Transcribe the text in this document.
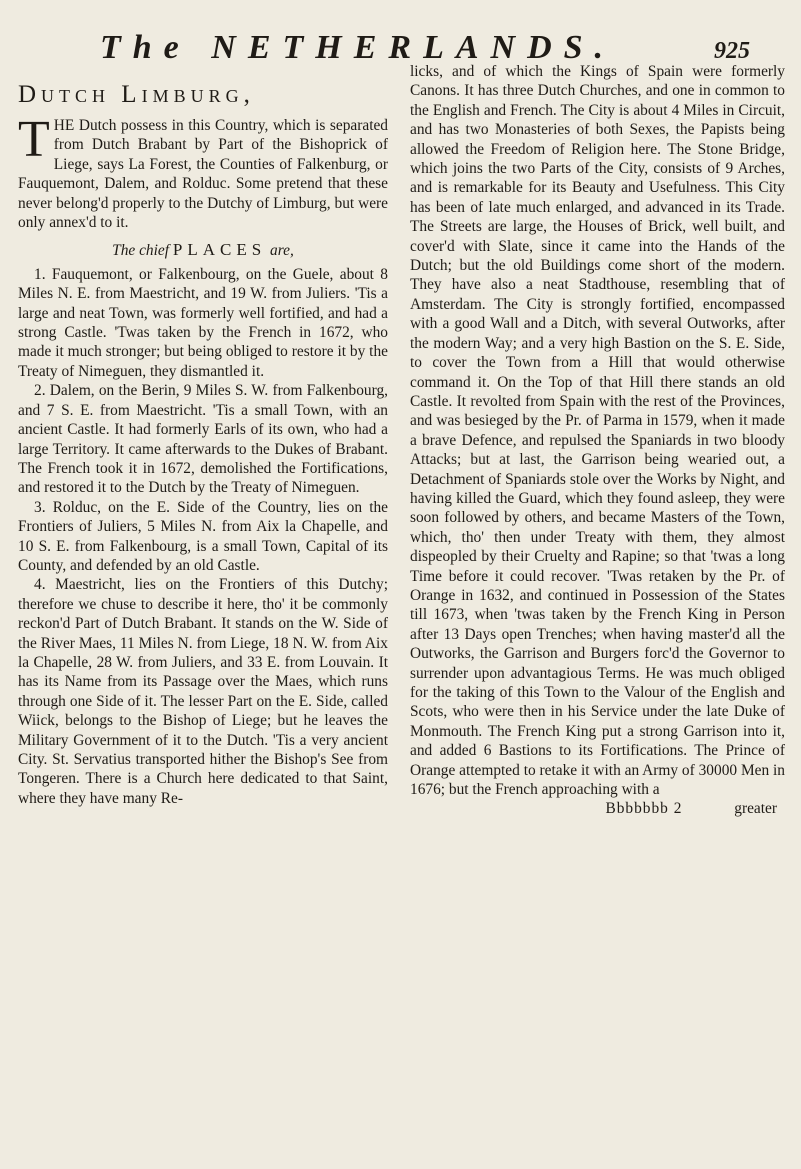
The NETHERLANDS.	925
Dutch Limburg,

T HE Dutch possess in this Country, which is separated from Dutch Brabant by Part of the Bishoprick of Liege, says La Forest, the Counties of Falkenburg, or Fauquemont, Dalem, and Rolduc. Some pretend that these never belong'd properly to the Dutchy of Limburg, but were only annex'd to it.

The chief PLACES are,

1. Fauquemont, or Falkenbourg, on the Guele, about 8 Miles N. E. from Maestricht, and 19 W. from Juliers. 'Tis a large and neat Town, was formerly well fortified, and had a strong Castle. 'Twas taken by the French in 1672, who made it much stronger; but being obliged to restore it by the Treaty of Nimeguen, they dismantled it.

2. Dalem, on the Berin, 9 Miles S. W. from Falkenbourg, and 7 S. E. from Maestricht. 'Tis a small Town, with an ancient Castle. It had formerly Earls of its own, who had a large Territory. It came afterwards to the Dukes of Brabant. The French took it in 1672, demolished the Fortifications, and restored it to the Dutch by the Treaty of Nimeguen.

3. Rolduc, on the E. Side of the Country, lies on the Frontiers of Juliers, 5 Miles N. from Aix la Chapelle, and 10 S. E. from Falkenbourg, is a small Town, Capital of its County, and defended by an old Castle.

4. Maestricht, lies on the Frontiers of this Dutchy; therefore we chuse to describe it here, tho' it be commonly reckon'd Part of Dutch Brabant. It stands on the W. Side of the River Maes, 11 Miles N. from Liege, 18 N. W. from Aix la Chapelle, 28 W. from Juliers, and 33 E. from Louvain. It has its Name from its Passage over the Maes, which runs through one Side of it. The lesser Part on the E. Side, called Wiick, belongs to the Bishop of Liege; but he leaves the Military Government of it to the Dutch. 'Tis a very ancient City. St. Servatius transported hither the Bishop's See from Tongeren. There is a Church here dedicated to that Saint, where they have many Re-

licks, and of which the Kings of Spain were formerly Canons. It has three Dutch Churches, and one in common to the English and French. The City is about 4 Miles in Circuit, and has two Monasteries of both Sexes, the Papists being allowed the Freedom of Religion here. The Stone Bridge, which joins the two Parts of the City, consists of 9 Arches, and is remarkable for its Beauty and Usefulness. This City has been of late much enlarged, and advanced in its Trade. The Streets are large, the Houses of Brick, well built, and cover'd with Slate, since it came into the Hands of the Dutch; but the old Buildings come short of the modern. They have also a neat Stadthouse, resembling that of Amsterdam. The City is strongly fortified, encompassed with a good Wall and a Ditch, with several Outworks, after the modern Way; and a very high Bastion on the S. E. Side, to cover the Town from a Hill that would otherwise command it. On the Top of that Hill there stands an old Castle. It revolted from Spain with the rest of the Provinces, and was besieged by the Pr. of Parma in 1579, when it made a brave Defence, and repulsed the Spaniards in two bloody Attacks; but at last, the Garrison being wearied out, a Detachment of Spaniards stole over the Works by Night, and having killed the Guard, which they found asleep, they were soon followed by others, and became Masters of the Town, which, tho' then under Treaty with them, they almost dispeopled by their Cruelty and Rapine; so that 'twas a long Time before it could recover. 'Twas retaken by the Pr. of Orange in 1632, and continued in Possession of the States till 1673, when 'twas taken by the French King in Person after 13 Days open Trenches; when having master'd all the Outworks, the Garrison and Burgers forc'd the Governor to surrender upon advantagious Terms. He was much obliged for the taking of this Town to the Valour of the English and Scots, who were then in his Service under the late Duke of Monmouth. The French King put a strong Garrison into it, and added 6 Bastions to its Fortifications. The Prince of Orange attempted to retake it with an Army of 30000 Men in 1676; but the French approaching with a

Bbbbbbb 2	greater
